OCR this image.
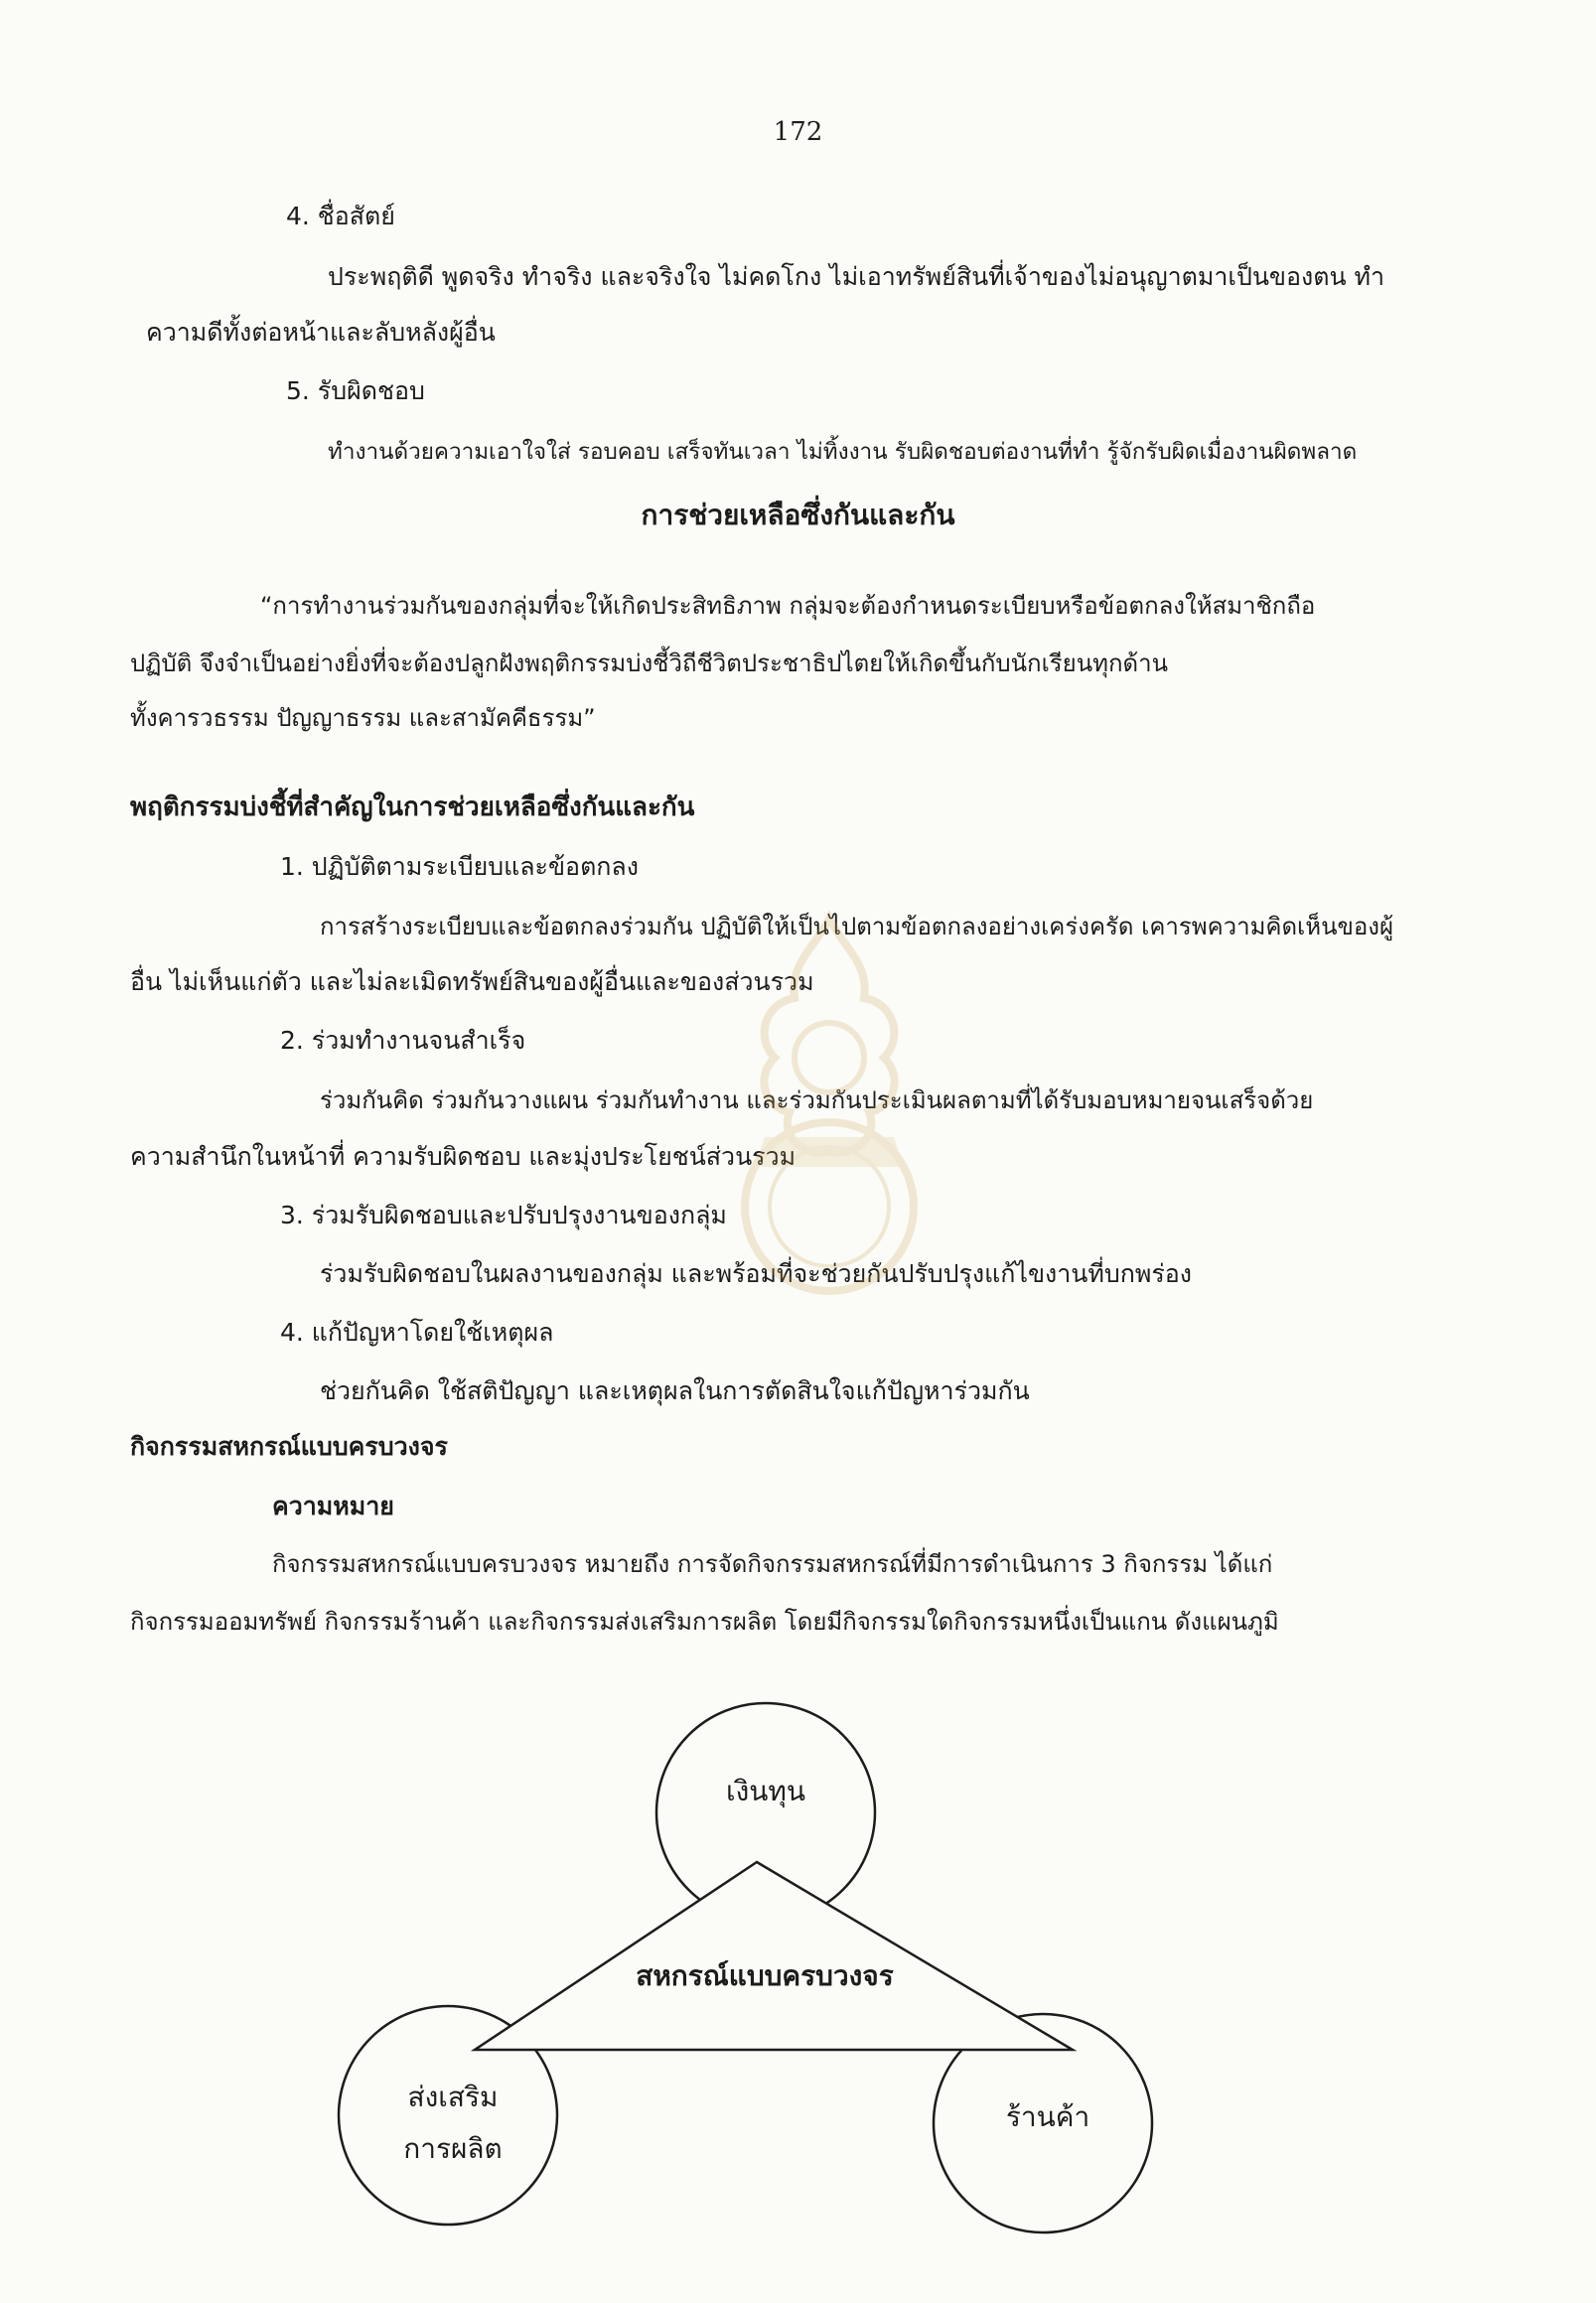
172
4. ชื่อสัตย์
ประพฤติดี พูดจริง ทำจริง และจริงใจ ไม่คดโกง ไม่เอาทรัพย์สินที่เจ้าของไม่อนุญาตมาเป็นของตน ทำ
ความดีทั้งต่อหน้าและลับหลังผู้อื่น
5. รับผิดชอบ
ทำงานด้วยความเอาใจใส่ รอบคอบ เสร็จทันเวลา ไม่ทิ้งงาน รับผิดชอบต่องานที่ทำ รู้จักรับผิดเมื่องานผิดพลาด
การช่วยเหลือซึ่งกันและกัน
“การทำงานร่วมกันของกลุ่มที่จะให้เกิดประสิทธิภาพ กลุ่มจะต้องกำหนดระเบียบหรือข้อตกลงให้สมาชิกถือ
ปฏิบัติ จึงจำเป็นอย่างยิ่งที่จะต้องปลูกฝังพฤติกรรมบ่งชี้วิถีชีวิตประชาธิปไตยให้เกิดขึ้นกับนักเรียนทุกด้าน
ทั้งคารวธรรม ปัญญาธรรม และสามัคคีธรรม”
พฤติกรรมบ่งชี้ที่สำคัญในการช่วยเหลือซึ่งกันและกัน
1. ปฏิบัติตามระเบียบและข้อตกลง
การสร้างระเบียบและข้อตกลงร่วมกัน ปฏิบัติให้เป็นไปตามข้อตกลงอย่างเคร่งครัด เคารพความคิดเห็นของผู้
อื่น ไม่เห็นแก่ตัว และไม่ละเมิดทรัพย์สินของผู้อื่นและของส่วนรวม
2. ร่วมทำงานจนสำเร็จ
ร่วมกันคิด ร่วมกันวางแผน ร่วมกันทำงาน และร่วมกันประเมินผลตามที่ได้รับมอบหมายจนเสร็จด้วย
ความสำนึกในหน้าที่ ความรับผิดชอบ และมุ่งประโยชน์ส่วนรวม
3. ร่วมรับผิดชอบและปรับปรุงงานของกลุ่ม
ร่วมรับผิดชอบในผลงานของกลุ่ม และพร้อมที่จะช่วยกันปรับปรุงแก้ไขงานที่บกพร่อง
4. แก้ปัญหาโดยใช้เหตุผล
ช่วยกันคิด ใช้สติปัญญา และเหตุผลในการตัดสินใจแก้ปัญหาร่วมกัน
กิจกรรมสหกรณ์แบบครบวงจร
ความหมาย
กิจกรรมสหกรณ์แบบครบวงจร หมายถึง การจัดกิจกรรมสหกรณ์ที่มีการดำเนินการ 3 กิจกรรม ได้แก่
กิจกรรมออมทรัพย์ กิจกรรมร้านค้า และกิจกรรมส่งเสริมการผลิต โดยมีกิจกรรมใดกิจกรรมหนึ่งเป็นแกน ดังแผนภูมิ
เงินทุน
สหกรณ์แบบครบวงจร
ส่งเสริม
การผลิต
ร้านค้า
